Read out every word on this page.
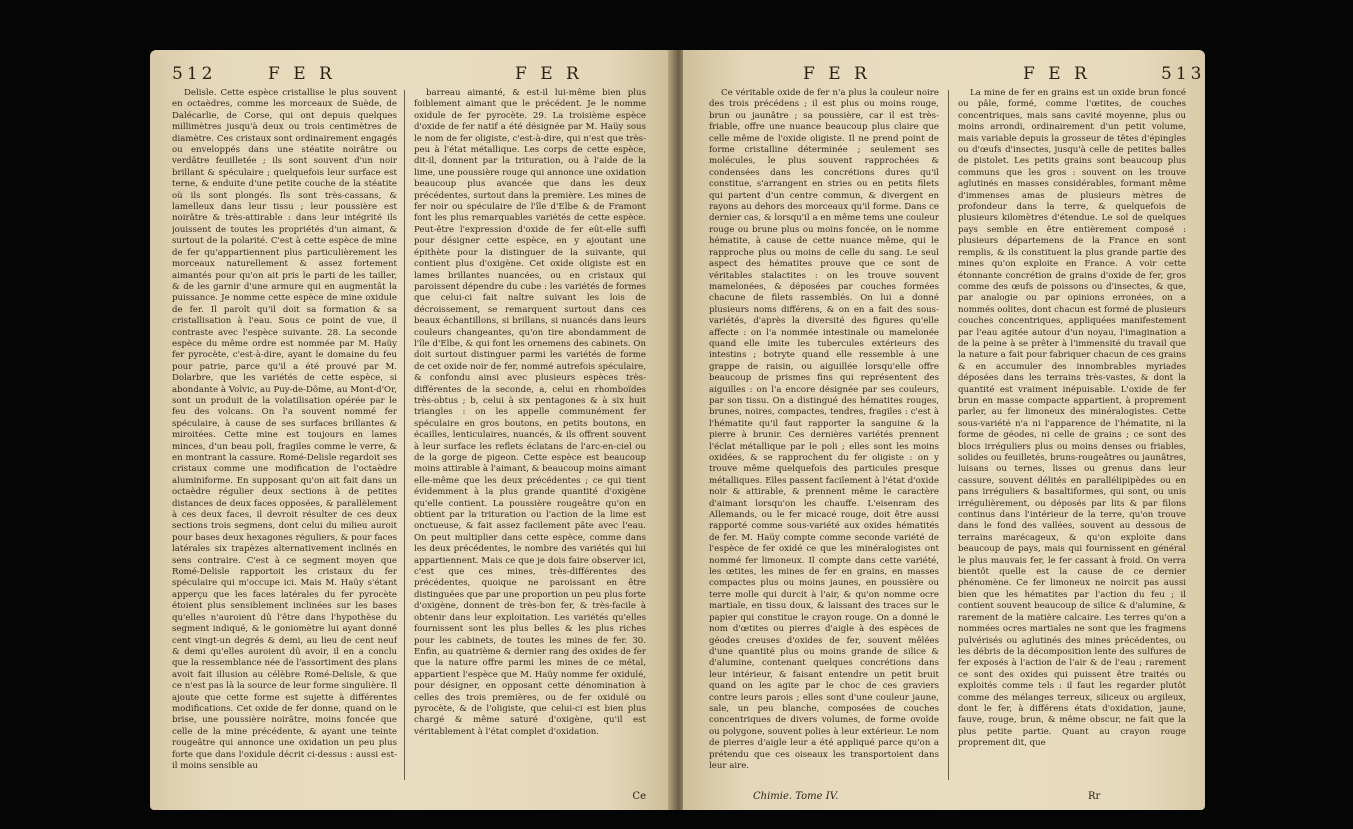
512	F E R	F E R

Delisle. Cette espèce cristallise le plus souvent en octaèdres, comme les morceaux de Suède, de Dalécarlie, de Corse, qui ont depuis quelques millimètres jusqu'à deux ou trois centimètres de diamètre. Ces cristaux sont ordinairement engagés ou enveloppés dans une stéatite noirâtre ou verdâtre feuilletée ; ils sont souvent d'un noir brillant & spéculaire ; quelquefois leur surface est terne, & enduite d'une petite couche de la stéatite où ils sont plongés. Ils sont très-cassans, & lamelleux dans leur tissu ; leur poussière est noirâtre & très-attirable : dans leur intégrité ils jouissent de toutes les propriétés d'un aimant, & surtout de la polarité. C'est à cette espèce de mine de fer qu'appartiennent plus particulièrement les morceaux naturellement & assez fortement aimantés pour qu'on ait pris le parti de les tailler, & de les garnir d'une armure qui en augmentât la puissance. Je nomme cette espèce de mine oxidule de fer. Il paroît qu'il doit sa formation & sa cristallisation à l'eau. Sous ce point de vue, il contraste avec l'espèce suivante. 28. La seconde espèce du même ordre est nommée par M. Haüy fer pyrocète, c'est-à-dire, ayant le domaine du feu pour patrie, parce qu'il a été prouvé par M. Dolarbre, que les variétés de cette espèce, si abondante à Volvic, au Puy-de-Dôme, au Mont-d'Or, sont un produit de la volatilisation opérée par le feu des volcans. On l'a souvent nommé fer spéculaire, à cause de ses surfaces brillantes & miroitées. Cette mine est toujours en lames minces, d'un beau poli, fragiles comme le verre, & en montrant la cassure. Romé-Delisle regardoit ses cristaux comme une modification de l'octaèdre aluminiforme. En supposant qu'on ait fait dans un octaèdre régulier deux sections à de petites distances de deux faces opposées, & parallèlement à ces deux faces, il devroit résulter de ces deux sections trois segmens, dont celui du milieu auroit pour bases deux hexagones réguliers, & pour faces latérales six trapèzes alternativement inclinés en sens contraire. C'est à ce segment moyen que Romé-Delisle rapportoit les cristaux du fer spéculaire qui m'occupe ici. Mais M. Haüy s'étant apperçu que les faces latérales du fer pyrocète étoient plus sensiblement inclinées sur les bases qu'elles n'auroient dû l'être dans l'hypothèse du segment indiqué, & le goniomètre lui ayant donné cent vingt-un degrés & demi, au lieu de cent neuf & demi qu'elles auroient dû avoir, il en a conclu que la ressemblance née de l'assortiment des plans avoit fait illusion au célèbre Romé-Delisle, & que ce n'est pas là la source de leur forme singulière. Il ajoute que cette forme est sujette à différentes modifications. Cet oxide de fer donne, quand on le brise, une poussière noirâtre, moins foncée que celle de la mine précédente, & ayant une teinte rougeâtre qui annonce une oxidation un peu plus forte que dans l'oxidule décrit ci-dessus : aussi est-il moins sensible au

barreau aimanté, & est-il lui-même bien plus foiblement aimant que le précédent. Je le nomme oxidule de fer pyrocète. 29. La troisième espèce d'oxide de fer natif a été désignée par M. Haüy sous le nom de fer oligiste, c'est-à-dire, qui n'est que très-peu à l'état métallique. Les corps de cette espèce, dit-il, donnent par la trituration, ou à l'aide de la lime, une poussière rouge qui annonce une oxidation beaucoup plus avancée que dans les deux précédentes, surtout dans la première. Les mines de fer noir ou spéculaire de l'île d'Elbe & de Framont font les plus remarquables variétés de cette espèce. Peut-être l'expression d'oxide de fer eût-elle suffi pour désigner cette espèce, en y ajoutant une épithète pour la distinguer de la suivante, qui contient plus d'oxigène. Cet oxide oligiste est en lames brillantes nuancées, ou en cristaux qui paroissent dépendre du cube : les variétés de formes que celui-ci fait naître suivant les lois de décroissement, se remarquent surtout dans ces beaux échantillons, si brillans, si nuancés dans leurs couleurs changeantes, qu'on tire abondamment de l'île d'Elbe, & qui font les ornemens des cabinets. On doit surtout distinguer parmi les variétés de forme de cet oxide noir de fer, nommé autrefois spéculaire, & confondu ainsi avec plusieurs espèces très-différentes de la seconde, a, celui en rhomboïdes très-obtus ; b, celui à six pentagones & à six huit triangles : on les appelle communément fer spéculaire en gros boutons, en petits boutons, en écailles, lenticulaires, nuancés, & ils offrent souvent à leur surface les reflets éclatans de l'arc-en-ciel ou de la gorge de pigeon. Cette espèce est beaucoup moins attirable à l'aimant, & beaucoup moins aimant elle-même que les deux précédentes ; ce qui tient évidemment à la plus grande quantité d'oxigène qu'elle contient. La poussière rougeâtre qu'on en obtient par la trituration ou l'action de la lime est onctueuse, & fait assez facilement pâte avec l'eau. On peut multiplier dans cette espèce, comme dans les deux précédentes, le nombre des variétés qui lui appartiennent. Mais ce que je dois faire observer ici, c'est que ces mines, très-différentes des précédentes, quoique ne paroissant en être distinguées que par une proportion un peu plus forte d'oxigène, donnent de très-bon fer, & très-facile à obtenir dans leur exploitation. Les variétés qu'elles fournissent sont les plus belles & les plus riches pour les cabinets, de toutes les mines de fer. 30. Enfin, au quatrième & dernier rang des oxides de fer que la nature offre parmi les mines de ce métal, appartient l'espèce que M. Haüy nomme fer oxidulé, pour désigner, en opposant cette dénomination à celles des trois premières, ou de fer oxidulé ou pyrocète, & de l'oligiste, que celui-ci est bien plus chargé & même saturé d'oxigène, qu'il est véritablement à l'état complet d'oxidation.

Ce
F E R	F E R	513

Ce véritable oxide de fer n'a plus la couleur noire des trois précédens ; il est plus ou moins rouge, brun ou jaunâtre ; sa poussière, car il est très-friable, offre une nuance beaucoup plus claire que celle même de l'oxide oligiste. Il ne prend point de forme cristalline déterminée ; seulement ses molécules, le plus souvent rapprochées & condensées dans les concrétions dures qu'il constitue, s'arrangent en stries ou en petits filets qui partent d'un centre commun, & divergent en rayons au dehors des morceaux qu'il forme. Dans ce dernier cas, & lorsqu'il a en même tems une couleur rouge ou brune plus ou moins foncée, on le nomme hématite, à cause de cette nuance même, qui le rapproche plus ou moins de celle du sang. Le seul aspect des hématites prouve que ce sont de véritables stalactites : on les trouve souvent mamelonées, & déposées par couches formées chacune de filets rassemblés. On lui a donné plusieurs noms différens, & on en a fait des sous-variétés, d'après la diversité des figures qu'elle affecte : on l'a nommée intestinale ou mamelonée quand elle imite les tubercules extérieurs des intestins ; botryte quand elle ressemble à une grappe de raisin, ou aiguillée lorsqu'elle offre beaucoup de prismes fins qui représentent des aiguilles : on l'a encore désignée par ses couleurs, par son tissu. On a distingué des hématites rouges, brunes, noires, compactes, tendres, fragiles : c'est à l'hématite qu'il faut rapporter la sanguine & la pierre à brunir. Ces dernières variétés prennent l'éclat métallique par le poli ; elles sont les moins oxidées, & se rapprochent du fer oligiste : on y trouve même quelquefois des particules presque métalliques. Elles passent facilement à l'état d'oxide noir & attirable, & prennent même le caractère d'aimant lorsqu'on les chauffe. L'eisenram des Allemands, ou le fer micacé rouge, doit être aussi rapporté comme sous-variété aux oxides hématités de fer. M. Haüy compte comme seconde variété de l'espèce de fer oxidé ce que les minéralogistes ont nommé fer limoneux. Il compte dans cette variété, les œtites, les mines de fer en grains, en masses compactes plus ou moins jaunes, en poussière ou terre molle qui durcit à l'air, & qu'on nomme ocre martiale, en tissu doux, & laissant des traces sur le papier qui constitue le crayon rouge. On a donné le nom d'œtites ou pierres d'aigle à des espèces de géodes creuses d'oxides de fer, souvent mêlées d'une quantité plus ou moins grande de silice & d'alumine, contenant quelques concrétions dans leur intérieur, & faisant entendre un petit bruit quand on les agite par le choc de ces graviers contre leurs parois ; elles sont d'une couleur jaune, sale, un peu blanche, composées de couches concentriques de divers volumes, de forme ovoïde ou polygone, souvent polies à leur extérieur. Le nom de pierres d'aigle leur a été appliqué parce qu'on a prétendu que ces oiseaux les transportoient dans leur aire.

La mine de fer en grains est un oxide brun foncé ou pâle, formé, comme l'œtites, de couches concentriques, mais sans cavité moyenne, plus ou moins arrondi, ordinairement d'un petit volume, mais variable depuis la grosseur de têtes d'épingles ou d'œufs d'insectes, jusqu'à celle de petites balles de pistolet. Les petits grains sont beaucoup plus communs que les gros : souvent on les trouve aglutinés en masses considérables, formant même d'immenses amas de plusieurs mètres de profondeur dans la terre, & quelquefois de plusieurs kilomètres d'étendue. Le sol de quelques pays semble en être entièrement composé : plusieurs départemens de la France en sont remplis, & ils constituent la plus grande partie des mines qu'on exploite en France. A voir cette étonnante concrétion de grains d'oxide de fer, gros comme des œufs de poissons ou d'insectes, & que, par analogie ou par opinions erronées, on a nommés oolites, dont chacun est formé de plusieurs couches concentriques, appliquées manifestement par l'eau agitée autour d'un noyau, l'imagination a de la peine à se prêter à l'immensité du travail que la nature a fait pour fabriquer chacun de ces grains & en accumuler des innombrables myriades déposées dans les terrains très-vastes, & dont la quantité est vraiment inépuisable. L'oxide de fer brun en masse compacte appartient, à proprement parler, au fer limoneux des minéralogistes. Cette sous-variété n'a ni l'apparence de l'hématite, ni la forme de géodes, ni celle de grains ; ce sont des blocs irréguliers plus ou moins denses ou friables, solides ou feuilletés, bruns-rougeâtres ou jaunâtres, luisans ou ternes, lisses ou grenus dans leur cassure, souvent délités en parallélipipèdes ou en pans irréguliers & basaltiformes, qui sont, ou unis irrégulièrement, ou déposés par lits & par filons continus dans l'intérieur de la terre, qu'on trouve dans le fond des vallées, souvent au dessous de terrains marécageux, & qu'on exploite dans beaucoup de pays, mais qui fournissent en général le plus mauvais fer, le fer cassant à froid. On verra bientôt quelle est la cause de ce dernier phénomène. Ce fer limoneux ne noircit pas aussi bien que les hématites par l'action du feu ; il contient souvent beaucoup de silice & d'alumine, & rarement de la matière calcaire. Les terres qu'on a nommées ocres martiales ne sont que les fragmens pulvérisés ou aglutinés des mines précédentes, ou les débris de la décomposition lente des sulfures de fer exposés à l'action de l'air & de l'eau ; rarement ce sont des oxides qui puissent être traités ou exploités comme tels : il faut les regarder plutôt comme des mélanges terreux, siliceux ou argileux, dont le fer, à différens états d'oxidation, jaune, fauve, rouge, brun, & même obscur, ne fait que la plus petite partie. Quant au crayon rouge proprement dit, que

Chimie. Tome IV.	Rr
